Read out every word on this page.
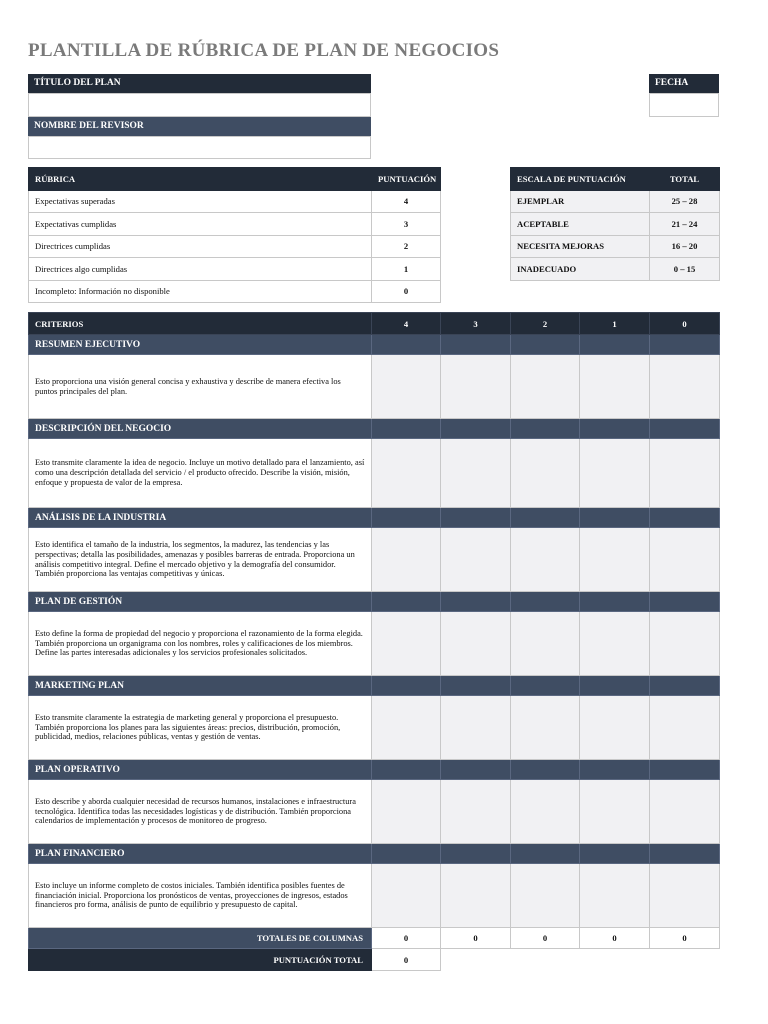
PLANTILLA DE RÚBRICA DE PLAN DE NEGOCIOS
TÍTULO DEL PLAN
NOMBRE DEL REVISOR
FECHA
RÚBRICA	PUNTUACIÓN
Expectativas superadas	4
Expectativas cumplidas	3
Directrices cumplidas	2
Directrices algo cumplidas	1
Incompleto: Información no disponible	0
ESCALA DE PUNTUACIÓN	TOTAL
EJEMPLAR	25 – 28
ACEPTABLE	21 – 24
NECESITA MEJORAS	16 – 20
INADECUADO	0 – 15
CRITERIOS	4	3	2	1	0
RESUMEN EJECUTIVO					
Esto proporciona una visión general concisa y exhaustiva y describe de manera efectiva los puntos principales del plan.					
DESCRIPCIÓN DEL NEGOCIO					
Esto transmite claramente la idea de negocio. Incluye un motivo detallado para el lanzamiento, así como una descripción detallada del servicio / el producto ofrecido. Describe la visión, misión, enfoque y propuesta de valor de la empresa.					
ANÁLISIS DE LA INDUSTRIA					
Esto identifica el tamaño de la industria, los segmentos, la madurez, las tendencias y las perspectivas; detalla las posibilidades, amenazas y posibles barreras de entrada. Proporciona un análisis competitivo integral. Define el mercado objetivo y la demografía del consumidor. También proporciona las ventajas competitivas y únicas.					
PLAN DE GESTIÓN					
Esto define la forma de propiedad del negocio y proporciona el razonamiento de la forma elegida. También proporciona un organigrama con los nombres, roles y calificaciones de los miembros. Define las partes interesadas adicionales y los servicios profesionales solicitados.					
MARKETING PLAN					
Esto transmite claramente la estrategia de marketing general y proporciona el presupuesto. También proporciona los planes para las siguientes áreas: precios, distribución, promoción, publicidad, medios, relaciones públicas, ventas y gestión de ventas.					
PLAN OPERATIVO					
Esto describe y aborda cualquier necesidad de recursos humanos, instalaciones e infraestructura tecnológica. Identifica todas las necesidades logísticas y de distribución. También proporciona calendarios de implementación y procesos de monitoreo de progreso.					
PLAN FINANCIERO					
Esto incluye un informe completo de costos iniciales. También identifica posibles fuentes de financiación inicial. Proporciona los pronósticos de ventas, proyecciones de ingresos, estados financieros pro forma, análisis de punto de equilibrio y presupuesto de capital.					
TOTALES DE COLUMNAS	0	0	0	0	0
PUNTUACIÓN TOTAL	0				
